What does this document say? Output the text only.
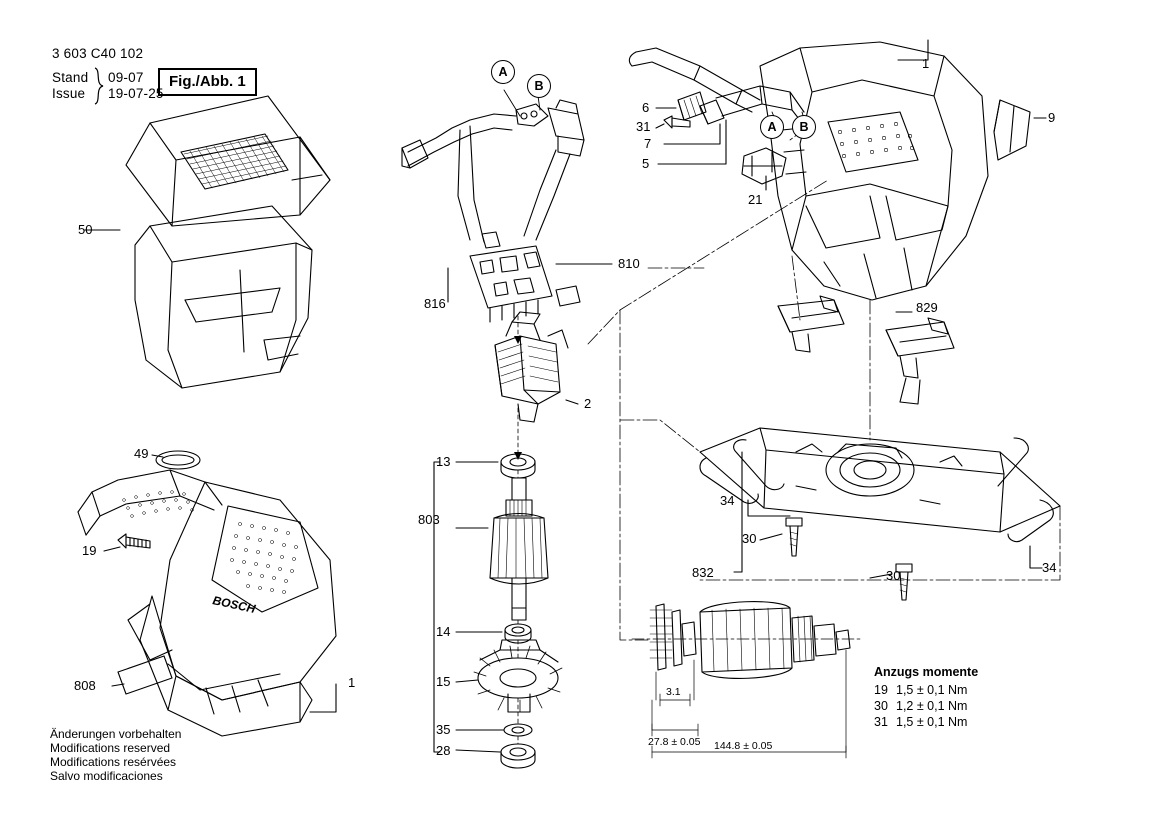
3 603 C40 102
Stand
Issue
09-07
19-07-25
Fig./Abb. 1
Änderungen vorbehalten
Modifications reserved
Modifications resérvées
Salvo modificaciones
Anzugs momente
19 1,5 ± 0,1 Nm
30 1,2 ± 0,1 Nm
31 1,5 ± 0,1 Nm
BOSCH
50
49
19
808	1
816
810
2
13
803
14
15
35
28
6
31
7
5
21
1
9
829
34
34
30
30
832
A
B
A	B
3.1
27.8 ± 0.05 144.8 ± 0.05
